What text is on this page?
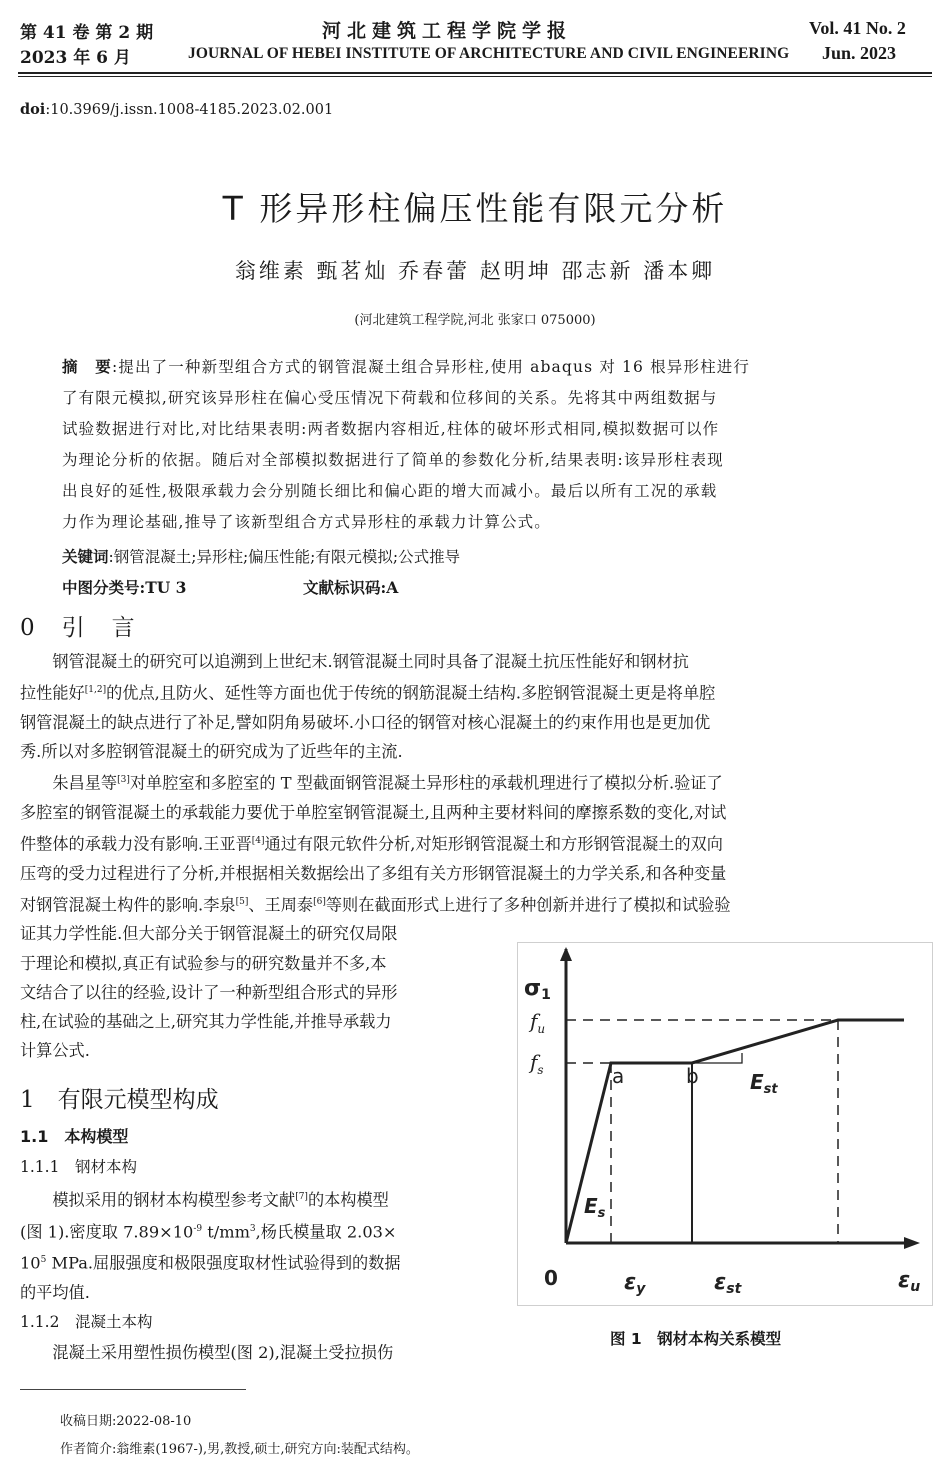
第 41 卷 第 2 期
2023 年 6 月
河北建筑工程学院学报
JOURNAL OF HEBEI INSTITUTE OF ARCHITECTURE AND CIVIL ENGINEERING
Vol. 41 No. 2
Jun. 2023
doi:10.3969/j.issn.1008-4185.2023.02.001
T 形异形柱偏压性能有限元分析
翁维素 甄茗灿 乔春蕾 赵明坤 邵志新 潘本卿
(河北建筑工程学院,河北 张家口 075000)

摘　要:提出了一种新型组合方式的钢管混凝土组合异形柱,使用 abaqus 对 16 根异形柱进行

了有限元模拟,研究该异形柱在偏心受压情况下荷载和位移间的关系。先将其中两组数据与

试验数据进行对比,对比结果表明:两者数据内容相近,柱体的破坏形式相同,模拟数据可以作

为理论分析的依据。随后对全部模拟数据进行了简单的参数化分析,结果表明:该异形柱表现

出良好的延性,极限承载力会分别随长细比和偏心距的增大而减小。最后以所有工况的承载

力作为理论基础,推导了该新型组合方式异形柱的承载力计算公式。

关键词:钢管混凝土;异形柱;偏压性能;有限元模拟;公式推导
中图分类号:TU 3	文献标识码:A
0　引　言

　　钢管混凝土的研究可以追溯到上世纪末.钢管混凝土同时具备了混凝土抗压性能好和钢材抗

拉性能好[1,2]的优点,且防火、延性等方面也优于传统的钢筋混凝土结构.多腔钢管混凝土更是将单腔

钢管混凝土的缺点进行了补足,譬如阴角易破坏.小口径的钢管对核心混凝土的约束作用也是更加优

秀.所以对多腔钢管混凝土的研究成为了近些年的主流.

　　朱昌星等[3]对单腔室和多腔室的 T 型截面钢管混凝土异形柱的承载机理进行了模拟分析.验证了

多腔室的钢管混凝土的承载能力要优于单腔室钢管混凝土,且两种主要材料间的摩擦系数的变化,对试

件整体的承载力没有影响.王亚晋[4]通过有限元软件分析,对矩形钢管混凝土和方形钢管混凝土的双向

压弯的受力过程进行了分析,并根据相关数据绘出了多组有关方形钢管混凝土的力学关系,和各种变量

对钢管混凝土构件的影响.李泉[5]、王周泰[6]等则在截面形式上进行了多种创新并进行了模拟和试验验

证其力学性能.但大部分关于钢管混凝土的研究仅局限

于理论和模拟,真正有试验参与的研究数量并不多,本

文结合了以往的经验,设计了一种新型组合形式的异形

柱,在试验的基础之上,研究其力学性能,并推导承载力

计算公式.

1　有限元模型构成
1.1　本构模型
1.1.1　钢材本构

　　模拟采用的钢材本构模型参考文献[7]的本构模型

(图 1).密度取 $7.89\times 10^{-9}$ $t/mm^3$,杨氏模量取 2.03×

$10^5$ MPa.屈服强度和极限强度取材性试验得到的数据

的平均值.

1.1.2　混凝土本构

　　混凝土采用塑性损伤模型(图 2),混凝土受拉损伤

σ1
$f_u$
$f_s$	a	b	$E_{st}$
$E_s$
0	εy	εst	εu
图 1　钢材本构关系模型
收稿日期:2022-08-10
作者简介:翁维素(1967-),男,教授,硕士,研究方向:装配式结构。
